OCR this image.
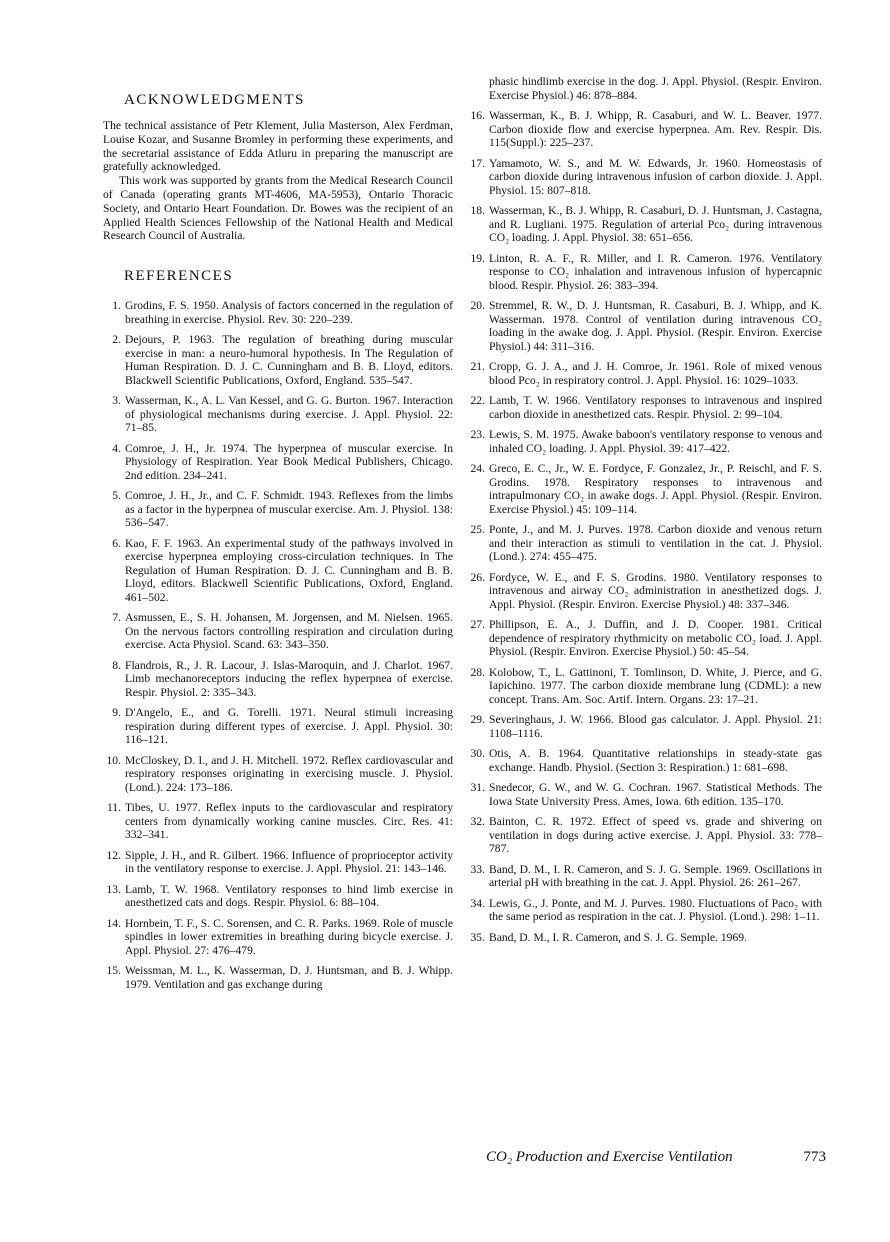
ACKNOWLEDGMENTS

The technical assistance of Petr Klement, Julia Masterson, Alex Ferdman, Louise Kozar, and Susanne Bromley in performing these experiments, and the secretarial assistance of Edda Atluru in preparing the manuscript are gratefully acknowledged.

This work was supported by grants from the Medical Research Council of Canada (operating grants MT-4606, MA-5953), Ontario Thoracic Society, and Ontario Heart Foundation. Dr. Bowes was the recipient of an Applied Health Sciences Fellowship of the National Health and Medical Research Council of Australia.

REFERENCES
1. Grodins, F. S. 1950. Analysis of factors concerned in the regulation of breathing in exercise. Physiol. Rev. 30: 220–239.
2. Dejours, P. 1963. The regulation of breathing during muscular exercise in man: a neuro-humoral hypothesis. In The Regulation of Human Respiration. D. J. C. Cunningham and B. B. Lloyd, editors. Blackwell Scientific Publications, Oxford, England. 535–547.
3. Wasserman, K., A. L. Van Kessel, and G. G. Burton. 1967. Interaction of physiological mechanisms during exercise. J. Appl. Physiol. 22: 71–85.
4. Comroe, J. H., Jr. 1974. The hyperpnea of muscular exercise. In Physiology of Respiration. Year Book Medical Publishers, Chicago. 2nd edition. 234–241.
5. Comroe, J. H., Jr., and C. F. Schmidt. 1943. Reflexes from the limbs as a factor in the hyperpnea of muscular exercise. Am. J. Physiol. 138: 536–547.
6. Kao, F. F. 1963. An experimental study of the pathways involved in exercise hyperpnea employing cross-circulation techniques. In The Regulation of Human Respiration. D. J. C. Cunningham and B. B. Lloyd, editors. Blackwell Scientific Publications, Oxford, England. 461–502.
7. Asmussen, E., S. H. Johansen, M. Jorgensen, and M. Nielsen. 1965. On the nervous factors controlling respiration and circulation during exercise. Acta Physiol. Scand. 63: 343–350.
8. Flandrois, R., J. R. Lacour, J. Islas-Maroquin, and J. Charlot. 1967. Limb mechanoreceptors inducing the reflex hyperpnea of exercise. Respir. Physiol. 2: 335–343.
9. D'Angelo, E., and G. Torelli. 1971. Neural stimuli increasing respiration during different types of exercise. J. Appl. Physiol. 30: 116–121.
10. McCloskey, D. I., and J. H. Mitchell. 1972. Reflex cardiovascular and respiratory responses originating in exercising muscle. J. Physiol. (Lond.). 224: 173–186.
11. Tibes, U. 1977. Reflex inputs to the cardiovascular and respiratory centers from dynamically working canine muscles. Circ. Res. 41: 332–341.
12. Sipple, J. H., and R. Gilbert. 1966. Influence of proprioceptor activity in the ventilatory response to exercise. J. Appl. Physiol. 21: 143–146.
13. Lamb, T. W. 1968. Ventilatory responses to hind limb exercise in anesthetized cats and dogs. Respir. Physiol. 6: 88–104.
14. Hornbein, T. F., S. C. Sorensen, and C. R. Parks. 1969. Role of muscle spindles in lower extremities in breathing during bicycle exercise. J. Appl. Physiol. 27: 476–479.
15. Weissman, M. L., K. Wasserman, D. J. Huntsman, and B. J. Whipp. 1979. Ventilation and gas exchange during
phasic hindlimb exercise in the dog. J. Appl. Physiol. (Respir. Environ. Exercise Physiol.) 46: 878–884.
16. Wasserman, K., B. J. Whipp, R. Casaburi, and W. L. Beaver. 1977. Carbon dioxide flow and exercise hyperpnea. Am. Rev. Respir. Dis. 115(Suppl.): 225–237.
17. Yamamoto, W. S., and M. W. Edwards, Jr. 1960. Homeostasis of carbon dioxide during intravenous infusion of carbon dioxide. J. Appl. Physiol. 15: 807–818.
18. Wasserman, K., B. J. Whipp, R. Casaburi, D. J. Huntsman, J. Castagna, and R. Lugliani. 1975. Regulation of arterial Pco₂ during intravenous CO₂ loading. J. Appl. Physiol. 38: 651–656.
19. Linton, R. A. F., R. Miller, and I. R. Cameron. 1976. Ventilatory response to CO₂ inhalation and intravenous infusion of hypercapnic blood. Respir. Physiol. 26: 383–394.
20. Stremmel, R. W., D. J. Huntsman, R. Casaburi, B. J. Whipp, and K. Wasserman. 1978. Control of ventilation during intravenous CO₂ loading in the awake dog. J. Appl. Physiol. (Respir. Environ. Exercise Physiol.) 44: 311–316.
21. Cropp, G. J. A., and J. H. Comroe, Jr. 1961. Role of mixed venous blood Pco₂ in respiratory control. J. Appl. Physiol. 16: 1029–1033.
22. Lamb, T. W. 1966. Ventilatory responses to intravenous and inspired carbon dioxide in anesthetized cats. Respir. Physiol. 2: 99–104.
23. Lewis, S. M. 1975. Awake baboon's ventilatory response to venous and inhaled CO₂ loading. J. Appl. Physiol. 39: 417–422.
24. Greco, E. C., Jr., W. E. Fordyce, F. Gonzalez, Jr., P. Reischl, and F. S. Grodins. 1978. Respiratory responses to intravenous and intrapulmonary CO₂ in awake dogs. J. Appl. Physiol. (Respir. Environ. Exercise Physiol.) 45: 109–114.
25. Ponte, J., and M. J. Purves. 1978. Carbon dioxide and venous return and their interaction as stimuli to ventilation in the cat. J. Physiol. (Lond.). 274: 455–475.
26. Fordyce, W. E., and F. S. Grodins. 1980. Ventilatory responses to intravenous and airway CO₂ administration in anesthetized dogs. J. Appl. Physiol. (Respir. Environ. Exercise Physiol.) 48: 337–346.
27. Phillipson, E. A., J. Duffin, and J. D. Cooper. 1981. Critical dependence of respiratory rhythmicity on metabolic CO₂ load. J. Appl. Physiol. (Respir. Environ. Exercise Physiol.) 50: 45–54.
28. Kolobow, T., L. Gattinoni, T. Tomlinson, D. White, J. Pierce, and G. Iapichino. 1977. The carbon dioxide membrane lung (CDML): a new concept. Trans. Am. Soc. Artif. Intern. Organs. 23: 17–21.
29. Severinghaus, J. W. 1966. Blood gas calculator. J. Appl. Physiol. 21: 1108–1116.
30. Otis, A. B. 1964. Quantitative relationships in steady-state gas exchange. Handb. Physiol. (Section 3: Respiration.) 1: 681–698.
31. Snedecor, G. W., and W. G. Cochran. 1967. Statistical Methods. The Iowa State University Press. Ames, Iowa. 6th edition. 135–170.
32. Bainton, C. R. 1972. Effect of speed vs. grade and shivering on ventilation in dogs during active exercise. J. Appl. Physiol. 33: 778–787.
33. Band, D. M., I. R. Cameron, and S. J. G. Semple. 1969. Oscillations in arterial pH with breathing in the cat. J. Appl. Physiol. 26: 261–267.
34. Lewis, G., J. Ponte, and M. J. Purves. 1980. Fluctuations of Paco₂ with the same period as respiration in the cat. J. Physiol. (Lond.). 298: 1–11.
35. Band, D. M., I. R. Cameron, and S. J. G. Semple. 1969.
CO₂ Production and Exercise Ventilation	773
